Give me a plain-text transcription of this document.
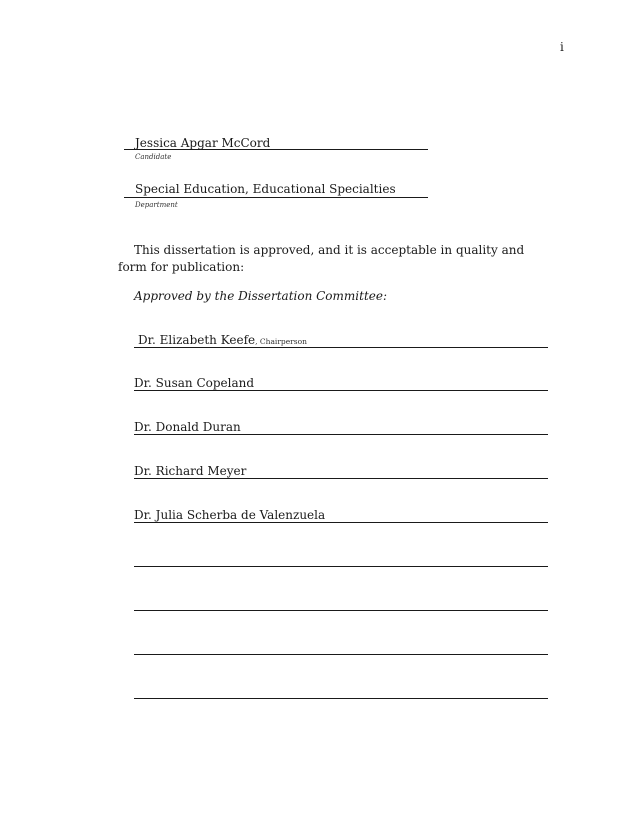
i
Jessica Apgar McCord
Candidate
Special Education, Educational Specialties
Department
This dissertation is approved, and it is acceptable in quality and form for publication:
Approved by the Dissertation Committee:
Dr. Elizabeth Keefe, Chairperson
Dr. Susan Copeland
Dr. Donald Duran
Dr. Richard Meyer
Dr. Julia Scherba de Valenzuela
